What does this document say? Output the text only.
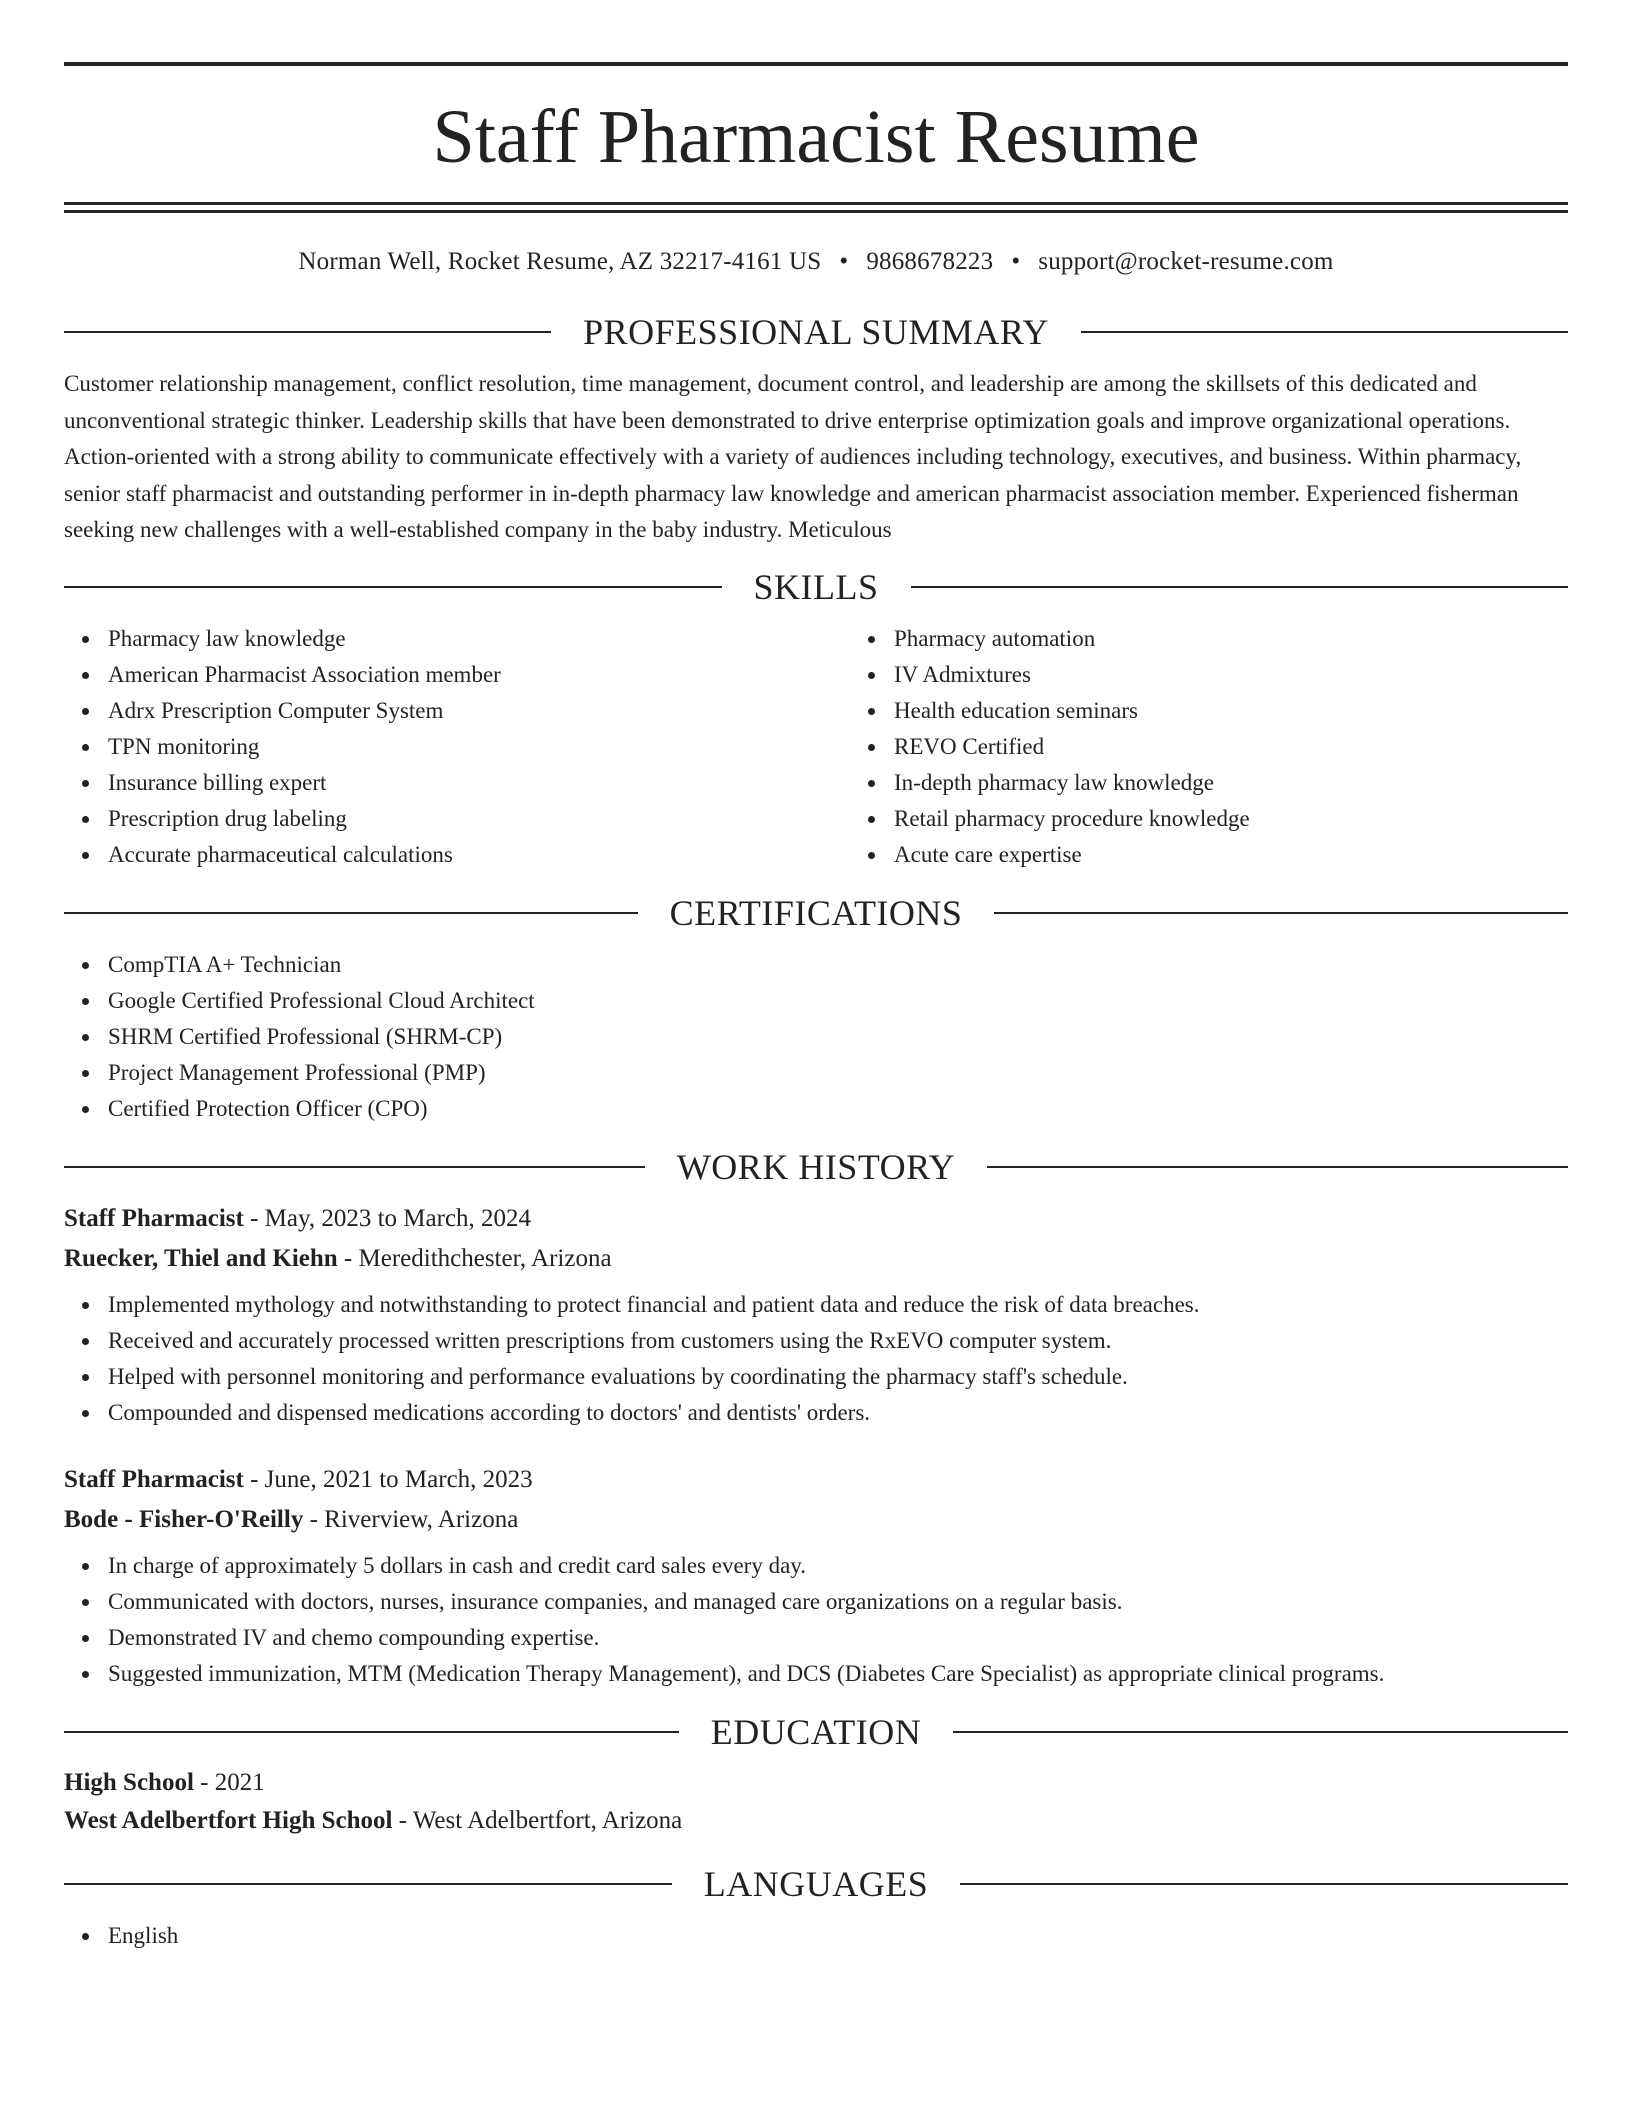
Staff Pharmacist Resume
Norman Well, Rocket Resume, AZ 32217-4161 US • 9868678223 • support@rocket-resume.com
PROFESSIONAL SUMMARY

Customer relationship management, conflict resolution, time management, document control, and leadership are among the skillsets of this dedicated and unconventional strategic thinker. Leadership skills that have been demonstrated to drive enterprise optimization goals and improve organizational operations. Action-oriented with a strong ability to communicate effectively with a variety of audiences including technology, executives, and business. Within pharmacy, senior staff pharmacist and outstanding performer in in-depth pharmacy law knowledge and american pharmacist association member. Experienced fisherman seeking new challenges with a well-established company in the baby industry. Meticulous

SKILLS
Pharmacy law knowledge
American Pharmacist Association member
Adrx Prescription Computer System
TPN monitoring
Insurance billing expert
Prescription drug labeling
Accurate pharmaceutical calculations
Pharmacy automation
IV Admixtures
Health education seminars
REVO Certified
In-depth pharmacy law knowledge
Retail pharmacy procedure knowledge
Acute care expertise
CERTIFICATIONS
CompTIA A+ Technician
Google Certified Professional Cloud Architect
SHRM Certified Professional (SHRM-CP)
Project Management Professional (PMP)
Certified Protection Officer (CPO)
WORK HISTORY
Staff Pharmacist - May, 2023 to March, 2024
Ruecker, Thiel and Kiehn - Meredithchester, Arizona
Implemented mythology and notwithstanding to protect financial and patient data and reduce the risk of data breaches.
Received and accurately processed written prescriptions from customers using the RxEVO computer system.
Helped with personnel monitoring and performance evaluations by coordinating the pharmacy staff's schedule.
Compounded and dispensed medications according to doctors' and dentists' orders.
Staff Pharmacist - June, 2021 to March, 2023
Bode - Fisher-O'Reilly - Riverview, Arizona
In charge of approximately 5 dollars in cash and credit card sales every day.
Communicated with doctors, nurses, insurance companies, and managed care organizations on a regular basis.
Demonstrated IV and chemo compounding expertise.
Suggested immunization, MTM (Medication Therapy Management), and DCS (Diabetes Care Specialist) as appropriate clinical programs.
EDUCATION
High School - 2021
West Adelbertfort High School - West Adelbertfort, Arizona
LANGUAGES
English
